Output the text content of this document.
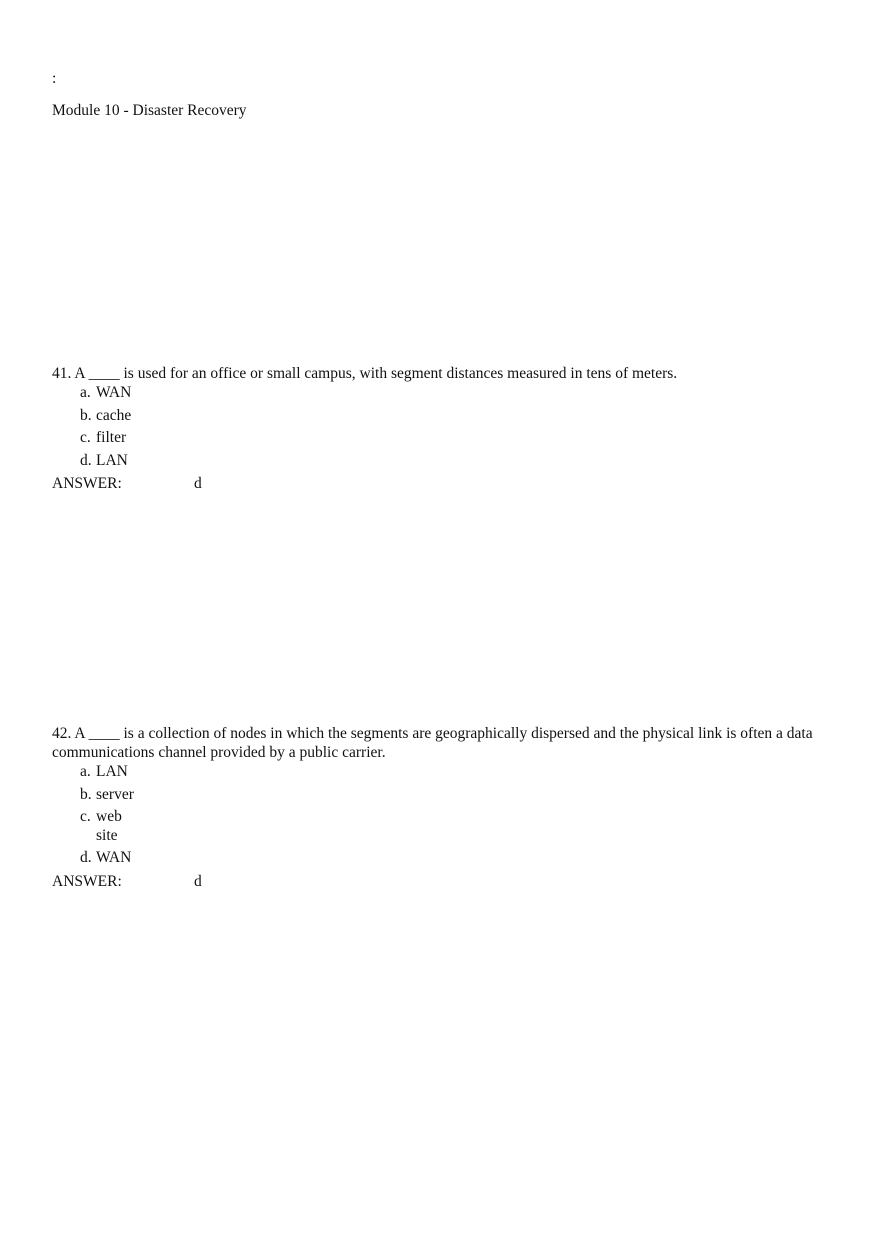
:
Module 10 - Disaster Recovery
41. A ____ is used for an office or small campus, with segment distances measured in tens of meters.
a. WAN
b. cache
c. filter
d. LAN
ANSWER:	d
42. A ____ is a collection of nodes in which the segments are geographically dispersed and the physical link is often a data communications channel provided by a public carrier.
a. LAN
b. server
c. web site
d. WAN
ANSWER:	d
